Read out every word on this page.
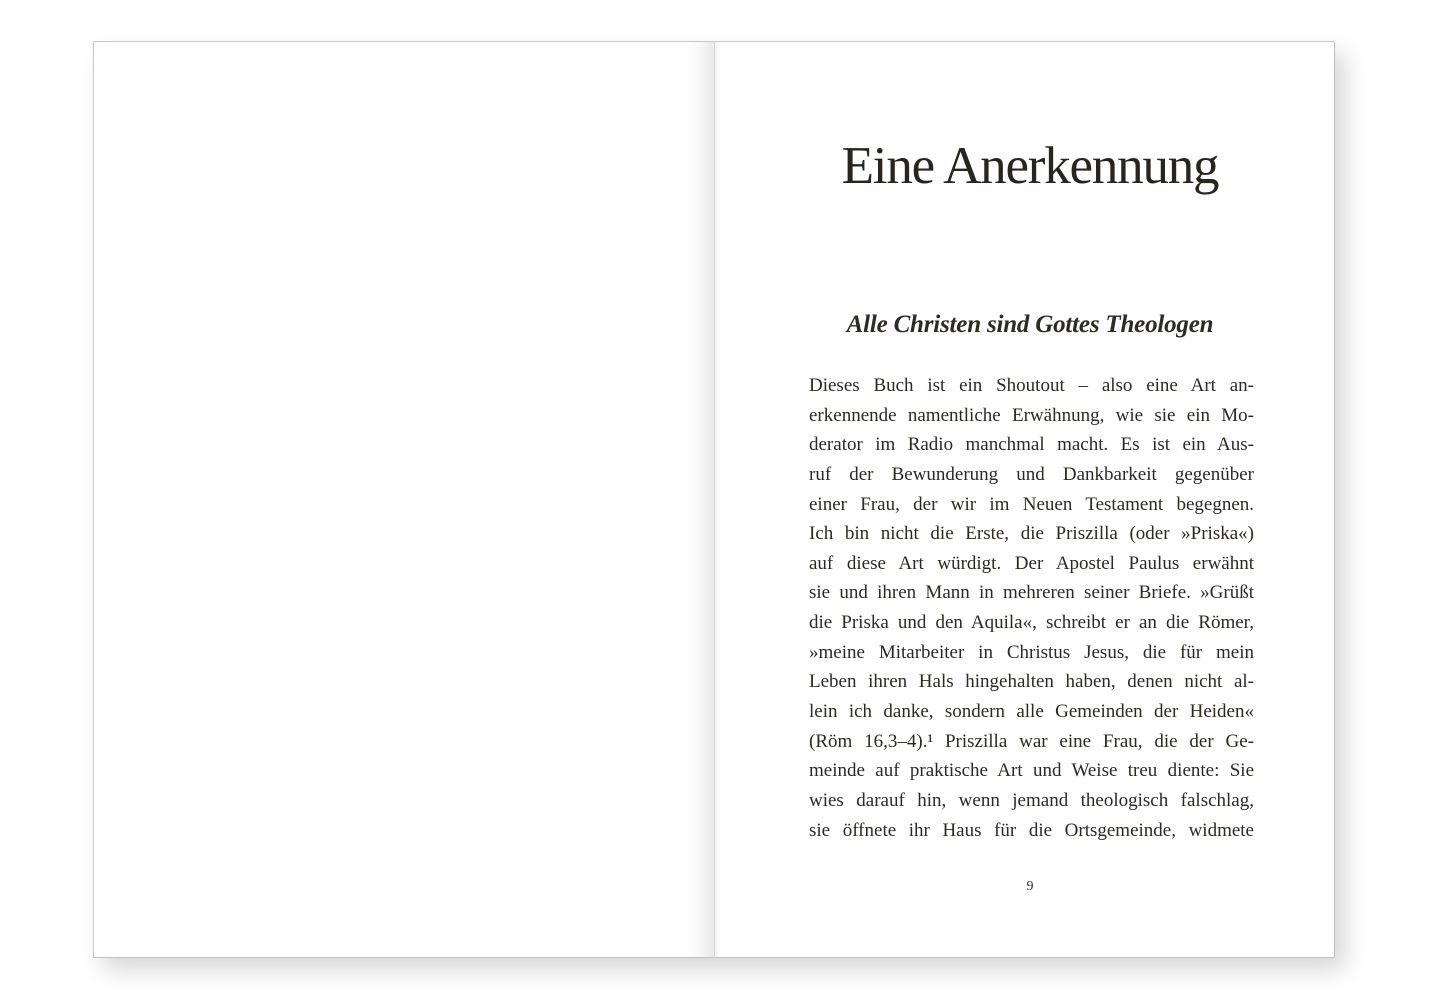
Eine Anerkennung
Alle Christen sind Gottes Theologen
Dieses Buch ist ein Shoutout – also eine Art an-
erkennende namentliche Erwähnung, wie sie ein Mo-
derator im Radio manchmal macht. Es ist ein Aus-
ruf der Bewunderung und Dankbarkeit gegenüber
einer Frau, der wir im Neuen Testament begegnen.
Ich bin nicht die Erste, die Priszilla (oder »Priska«)
auf diese Art würdigt. Der Apostel Paulus erwähnt
sie und ihren Mann in mehreren seiner Briefe. »Grüßt
die Priska und den Aquila«, schreibt er an die Römer,
»meine Mitarbeiter in Christus Jesus, die für mein
Leben ihren Hals hingehalten haben, denen nicht al-
lein ich danke, sondern alle Gemeinden der Heiden«
(Röm 16,3–4).¹ Priszilla war eine Frau, die der Ge-
meinde auf praktische Art und Weise treu diente: Sie
wies darauf hin, wenn jemand theologisch falschlag,
sie öffnete ihr Haus für die Ortsgemeinde, widmete
9
